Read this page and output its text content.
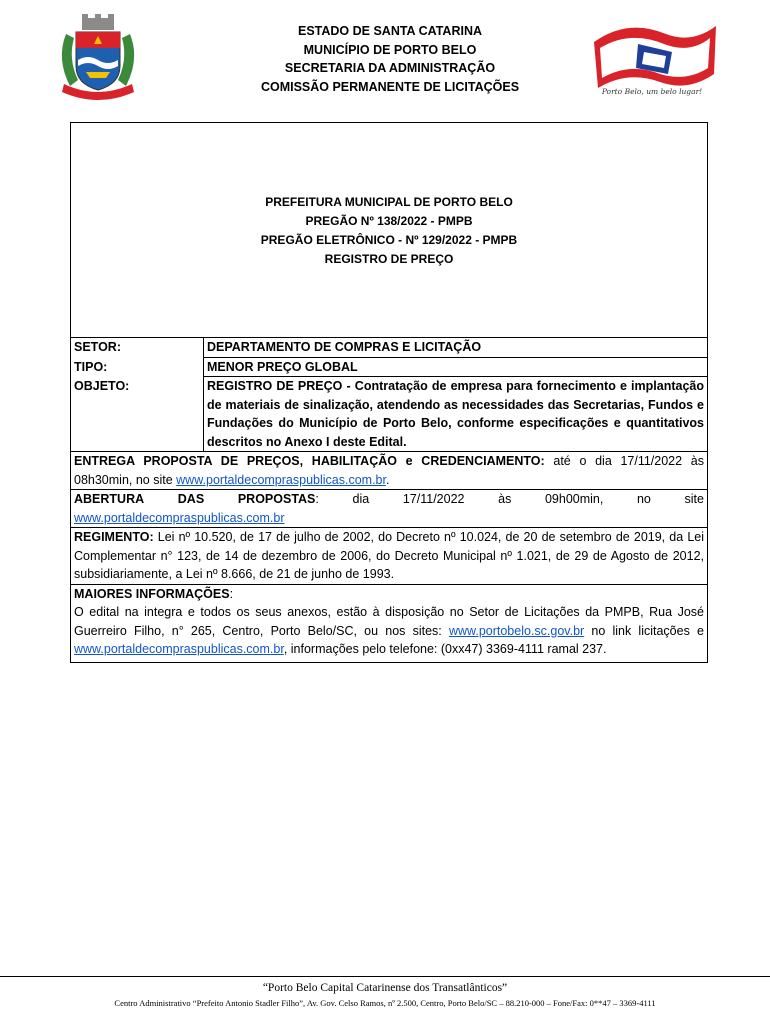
ESTADO DE SANTA CATARINA
MUNICÍPIO DE PORTO BELO
SECRETARIA DA ADMINISTRAÇÃO
COMISSÃO PERMANENTE DE LICITAÇÕES	Porto Belo, um belo lugar!
PREFEITURA MUNICIPAL DE PORTO BELO
PREGÃO Nº 138/2022 - PMPB
PREGÃO ELETRÔNICO - Nº 129/2022 - PMPB
REGISTRO DE PREÇO
SETOR:	DEPARTAMENTO DE COMPRAS E LICITAÇÃO
TIPO:	MENOR PREÇO GLOBAL
OBJETO:	REGISTRO DE PREÇO - Contratação de empresa para fornecimento e implantação de materiais de sinalização, atendendo as necessidades das Secretarias, Fundos e Fundações do Município de Porto Belo, conforme especificações e quantitativos descritos no Anexo I deste Edital.
ENTREGA PROPOSTA DE PREÇOS, HABILITAÇÃO e CREDENCIAMENTO: até o dia 17/11/2022 às 08h30min, no site www.portaldecompraspublicas.com.br.
ABERTURA	DAS	PROPOSTAS:	dia	17/11/2022	às	09h00min,	no	site
www.portaldecompraspublicas.com.br
REGIMENTO: Lei nº 10.520, de 17 de julho de 2002, do Decreto nº 10.024, de 20 de setembro de 2019, da Lei Complementar n° 123, de 14 de dezembro de 2006, do Decreto Municipal nº 1.021, de 29 de Agosto de 2012, subsidiariamente, a Lei nº 8.666, de 21 de junho de 1993.
MAIORES INFORMAÇÕES:
O edital na integra e todos os seus anexos, estão à disposição no Setor de Licitações da PMPB, Rua José Guerreiro Filho, n° 265, Centro, Porto Belo/SC, ou nos sites: www.portobelo.sc.gov.br no link licitações e www.portaldecompraspublicas.com.br, informações pelo telefone: (0xx47) 3369-4111 ramal 237.
“Porto Belo Capital Catarinense dos Transatlânticos”
Centro Administrativo “Prefeito Antonio Stadler Filho”, Av. Gov. Celso Ramos, nº 2.500, Centro, Porto Belo/SC – 88.210-000 – Fone/Fax: 0**47 – 3369-4111
